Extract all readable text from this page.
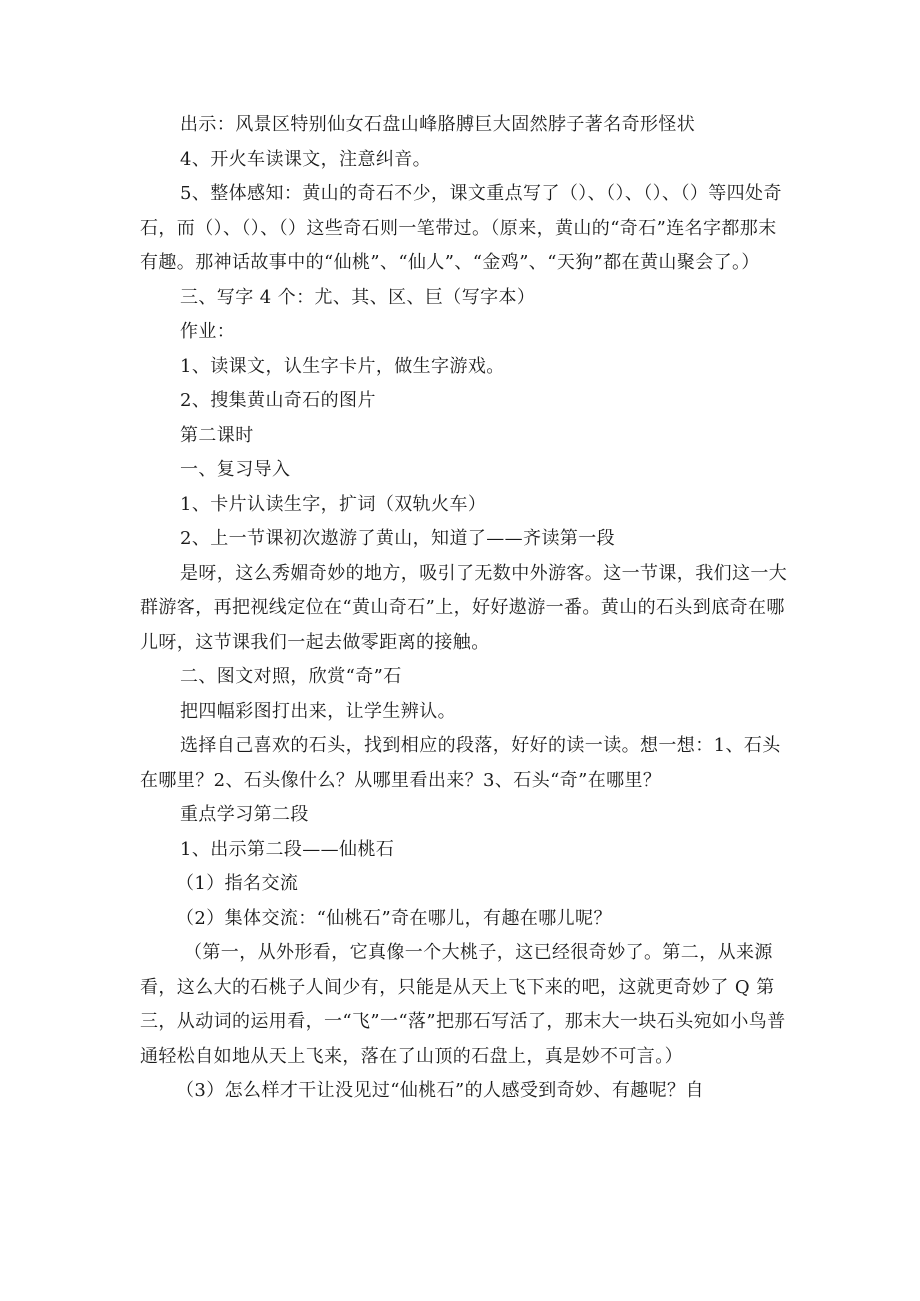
出示：风景区特别仙女石盘山峰胳膊巨大固然脖子著名奇形怪状

4、开火车读课文，注意纠音。

5、整体感知：黄山的奇石不少，课文重点写了（）、（）、（）、（）等四处奇石，而（）、（）、（）这些奇石则一笔带过。（原来，黄山的“奇石”连名字都那末有趣。那神话故事中的“仙桃”、“仙人”、“金鸡”、“天狗”都在黄山聚会了。）

三、写字 4 个：尤、其、区、巨（写字本）

作业：

1、读课文，认生字卡片，做生字游戏。

2、搜集黄山奇石的图片

第二课时

一、复习导入

1、卡片认读生字，扩词（双轨火车）

2、上一节课初次遨游了黄山，知道了——齐读第一段

是呀，这么秀媚奇妙的地方，吸引了无数中外游客。这一节课，我们这一大群游客，再把视线定位在“黄山奇石”上，好好遨游一番。黄山的石头到底奇在哪儿呀，这节课我们一起去做零距离的接触。

二、图文对照，欣赏“奇”石

把四幅彩图打出来，让学生辨认。

选择自己喜欢的石头，找到相应的段落，好好的读一读。想一想：1、石头在哪里？2、石头像什么？从哪里看出来？3、石头“奇”在哪里？

重点学习第二段

1、出示第二段——仙桃石

（1）指名交流

（2）集体交流：“仙桃石”奇在哪儿，有趣在哪儿呢？

（第一，从外形看，它真像一个大桃子，这已经很奇妙了。第二，从来源看，这么大的石桃子人间少有，只能是从天上飞下来的吧，这就更奇妙了 Q 第三，从动词的运用看，一“飞”一“落”把那石写活了，那末大一块石头宛如小鸟普通轻松自如地从天上飞来，落在了山顶的石盘上，真是妙不可言。）

（3）怎么样才干让没见过“仙桃石”的人感受到奇妙、有趣呢？自
